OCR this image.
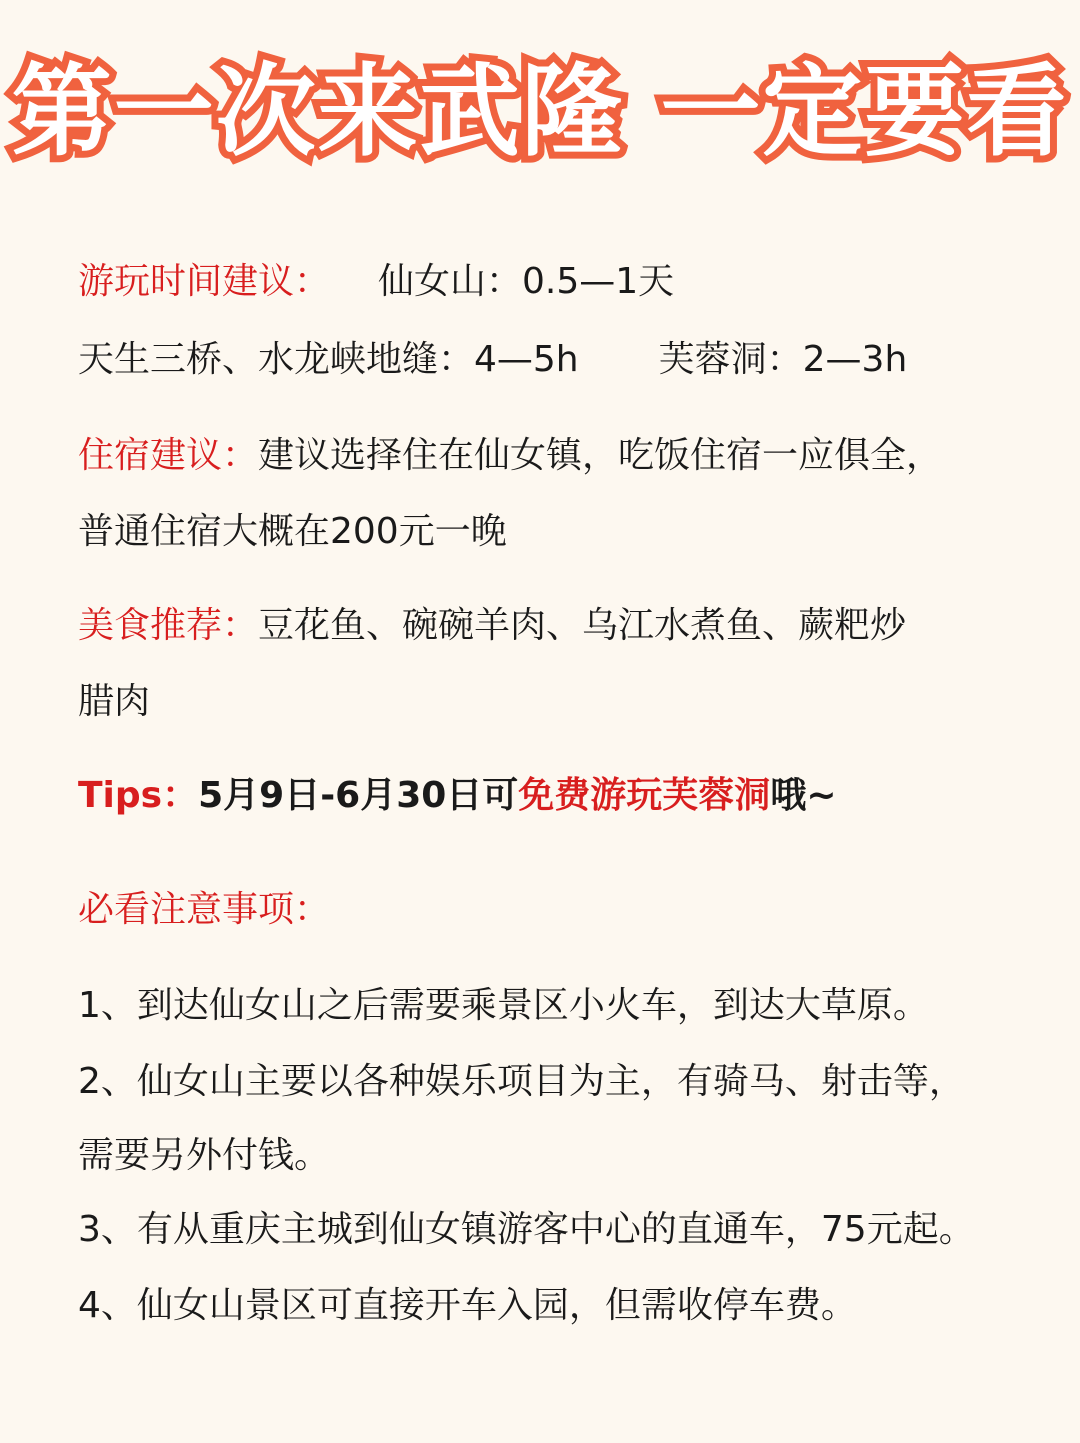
第一次来武隆 一定要看
游玩时间建议： 仙女山：0.5—1天
天生三桥、水龙峡地缝：4—5h 芙蓉洞：2—3h
住宿建议：建议选择住在仙女镇，吃饭住宿一应俱全，
普通住宿大概在200元一晚
美食推荐：豆花鱼、碗碗羊肉、乌江水煮鱼、蕨粑炒
腊肉
Tips：5月9日-6月30日可免费游玩芙蓉洞哦~
必看注意事项：
1、到达仙女山之后需要乘景区小火车，到达大草原。
2、仙女山主要以各种娱乐项目为主，有骑马、射击等，
需要另外付钱。
3、有从重庆主城到仙女镇游客中心的直通车，75元起。
4、仙女山景区可直接开车入园，但需收停车费。
